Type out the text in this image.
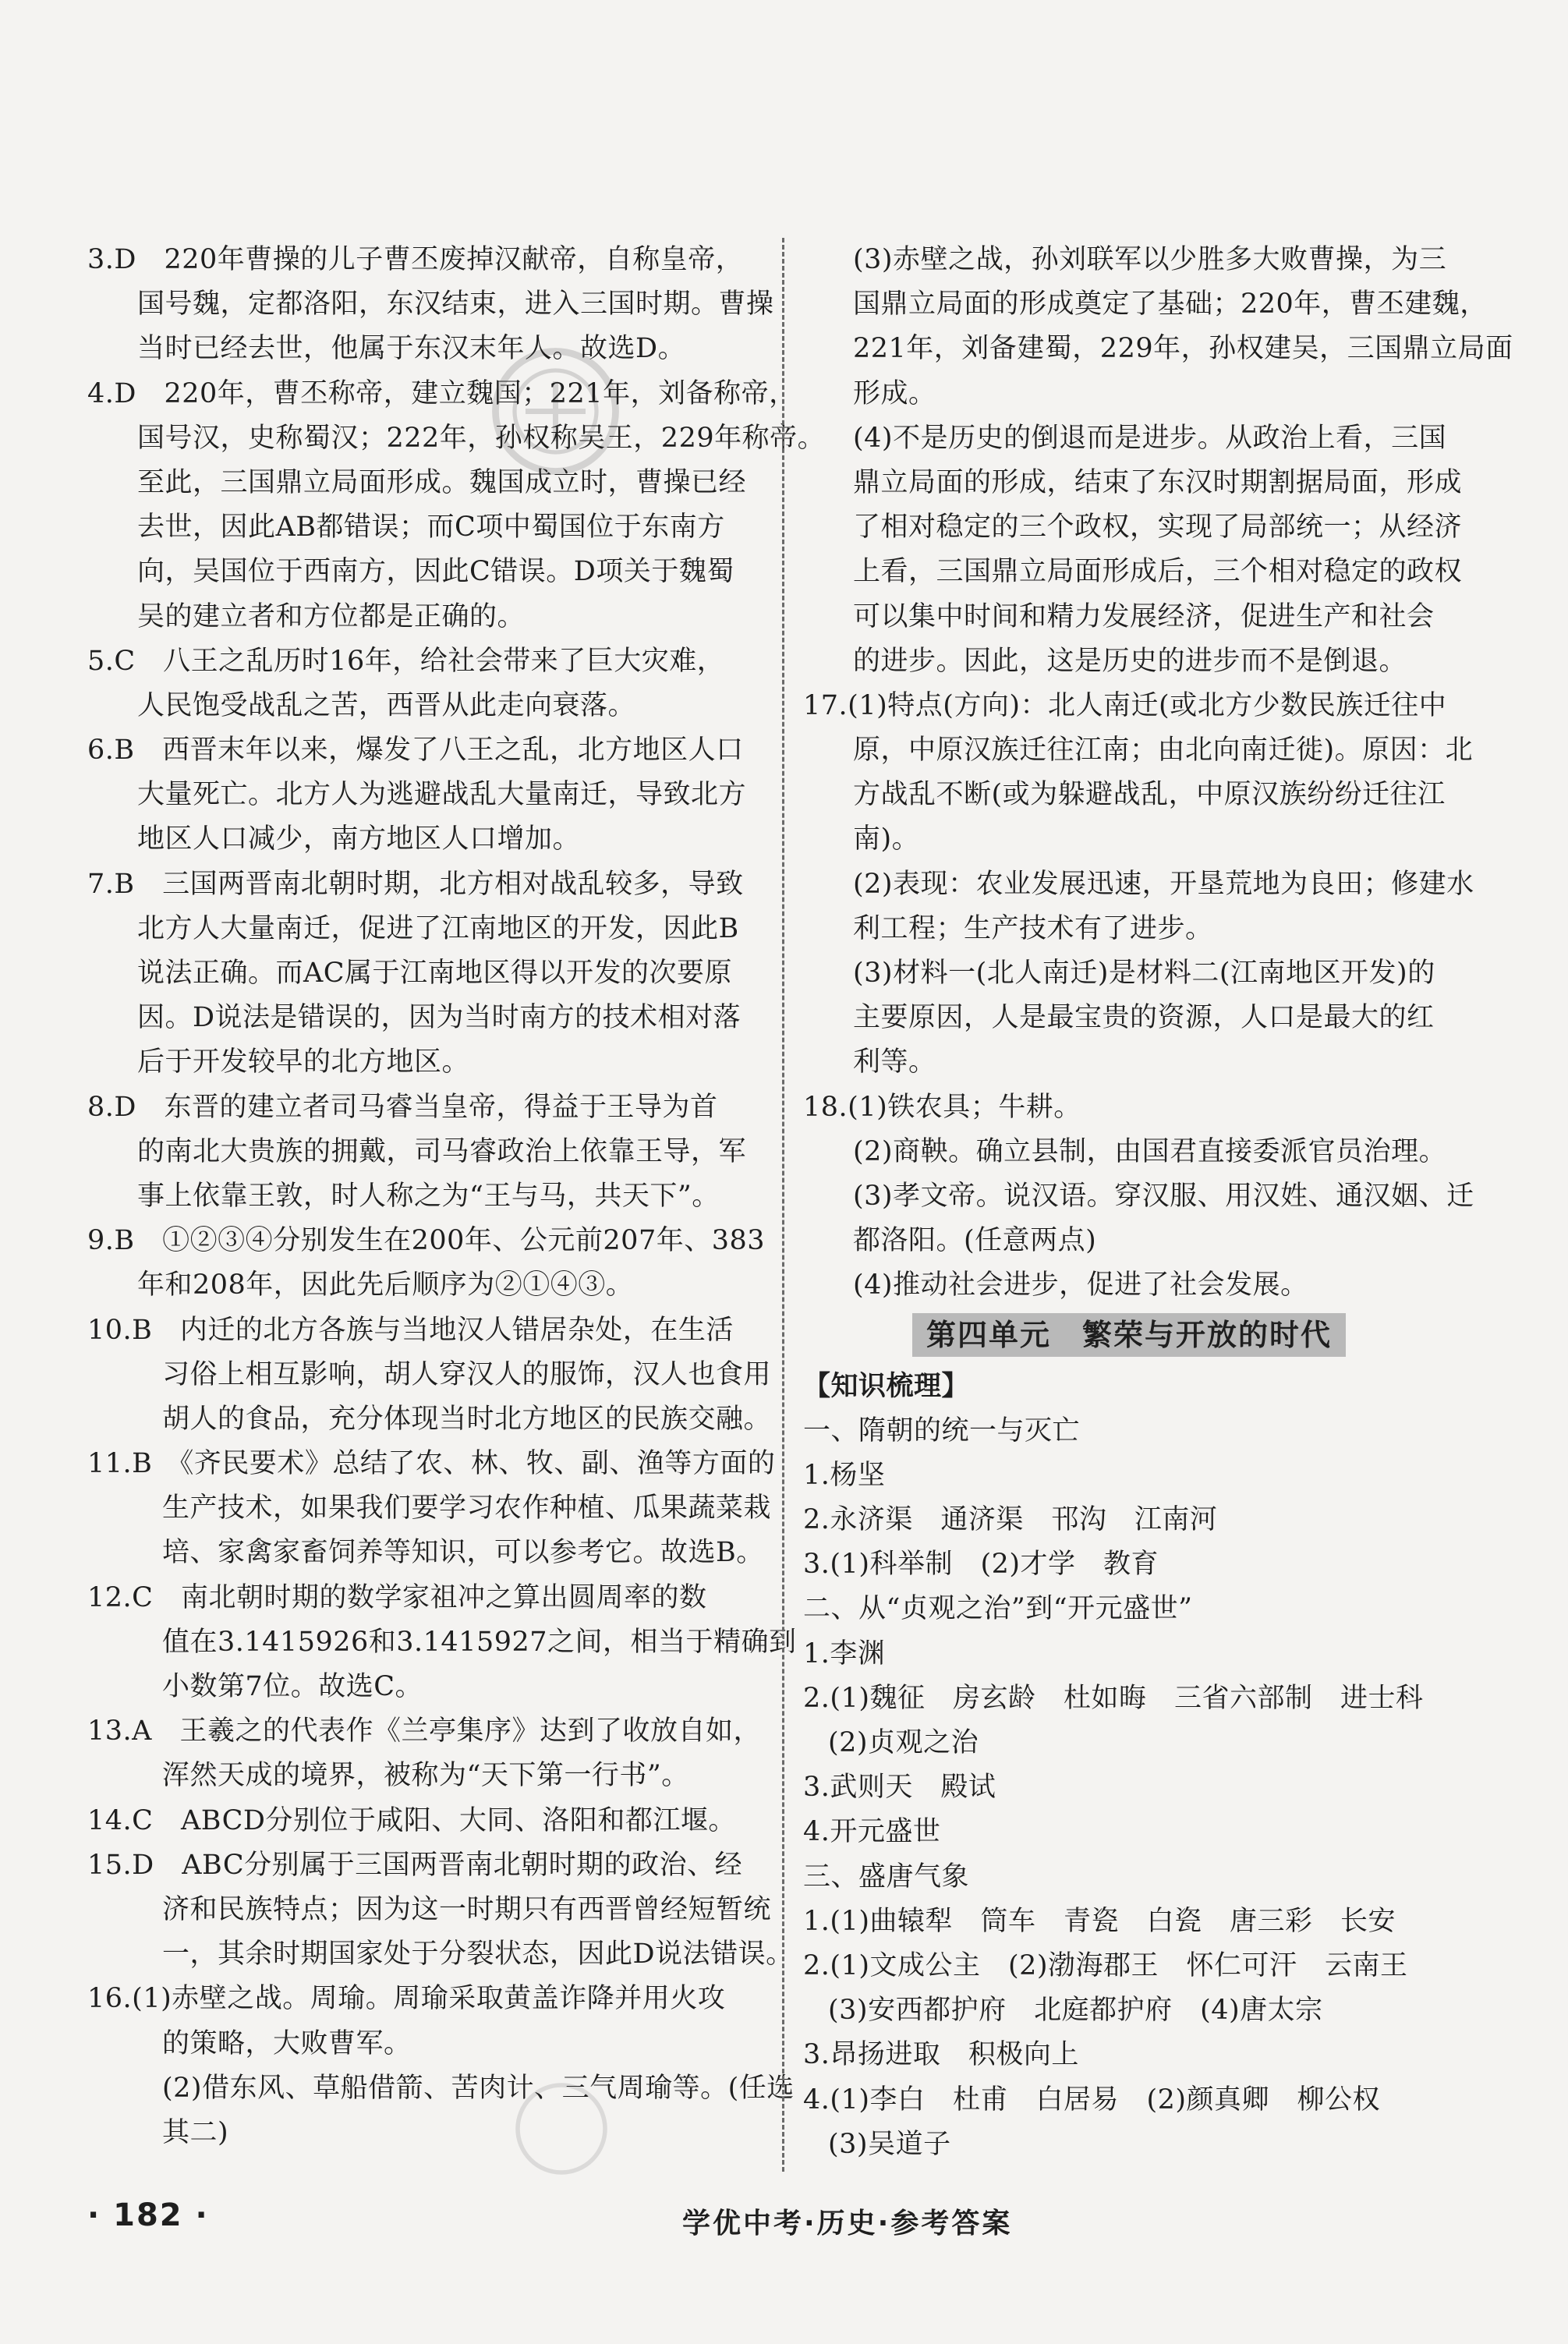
3.D　220年曹操的儿子曹丕废掉汉献帝，自称皇帝，
国号魏，定都洛阳，东汉结束，进入三国时期。曹操
当时已经去世，他属于东汉末年人。故选D。
4.D　220年，曹丕称帝，建立魏国；221年，刘备称帝，
国号汉，史称蜀汉；222年，孙权称吴王，229年称帝。
至此，三国鼎立局面形成。魏国成立时，曹操已经
去世，因此AB都错误；而C项中蜀国位于东南方
向，吴国位于西南方，因此C错误。D项关于魏蜀
吴的建立者和方位都是正确的。
5.C　八王之乱历时16年，给社会带来了巨大灾难，
人民饱受战乱之苦，西晋从此走向衰落。
6.B　西晋末年以来，爆发了八王之乱，北方地区人口
大量死亡。北方人为逃避战乱大量南迁，导致北方
地区人口减少，南方地区人口增加。
7.B　三国两晋南北朝时期，北方相对战乱较多，导致
北方人大量南迁，促进了江南地区的开发，因此B
说法正确。而AC属于江南地区得以开发的次要原
因。D说法是错误的，因为当时南方的技术相对落
后于开发较早的北方地区。
8.D　东晋的建立者司马睿当皇帝，得益于王导为首
的南北大贵族的拥戴，司马睿政治上依靠王导，军
事上依靠王敦，时人称之为“王与马，共天下”。
9.B　①②③④分别发生在200年、公元前207年、383
年和208年，因此先后顺序为②①④③。
10.B　内迁的北方各族与当地汉人错居杂处，在生活
习俗上相互影响，胡人穿汉人的服饰，汉人也食用
胡人的食品，充分体现当时北方地区的民族交融。
11.B　《齐民要术》总结了农、林、牧、副、渔等方面的
生产技术，如果我们要学习农作种植、瓜果蔬菜栽
培、家禽家畜饲养等知识，可以参考它。故选B。
12.C　南北朝时期的数学家祖冲之算出圆周率的数
值在3.1415926和3.1415927之间，相当于精确到
小数第7位。故选C。
13.A　王羲之的代表作《兰亭集序》达到了收放自如，
浑然天成的境界，被称为“天下第一行书”。
14.C　ABCD分别位于咸阳、大同、洛阳和都江堰。
15.D　ABC分别属于三国两晋南北朝时期的政治、经
济和民族特点；因为这一时期只有西晋曾经短暂统
一，其余时期国家处于分裂状态，因此D说法错误。
16.(1)赤壁之战。周瑜。周瑜采取黄盖诈降并用火攻
的策略，大败曹军。
(2)借东风、草船借箭、苦肉计、三气周瑜等。(任选
其二)
(3)赤壁之战，孙刘联军以少胜多大败曹操，为三
国鼎立局面的形成奠定了基础；220年，曹丕建魏，
221年，刘备建蜀，229年，孙权建吴，三国鼎立局面
形成。
(4)不是历史的倒退而是进步。从政治上看，三国
鼎立局面的形成，结束了东汉时期割据局面，形成
了相对稳定的三个政权，实现了局部统一；从经济
上看，三国鼎立局面形成后，三个相对稳定的政权
可以集中时间和精力发展经济，促进生产和社会
的进步。因此，这是历史的进步而不是倒退。
17.(1)特点(方向)：北人南迁(或北方少数民族迁往中
原，中原汉族迁往江南；由北向南迁徙)。原因：北
方战乱不断(或为躲避战乱，中原汉族纷纷迁往江
南)。
(2)表现：农业发展迅速，开垦荒地为良田；修建水
利工程；生产技术有了进步。
(3)材料一(北人南迁)是材料二(江南地区开发)的
主要原因，人是最宝贵的资源，人口是最大的红
利等。
18.(1)铁农具；牛耕。
(2)商鞅。确立县制，由国君直接委派官员治理。
(3)孝文帝。说汉语。穿汉服、用汉姓、通汉姻、迁
都洛阳。(任意两点)
(4)推动社会进步，促进了社会发展。
第四单元　繁荣与开放的时代
【知识梳理】
一、隋朝的统一与灭亡
1.杨坚
2.永济渠　通济渠　邗沟　江南河
3.(1)科举制　(2)才学　教育
二、从“贞观之治”到“开元盛世”
1.李渊
2.(1)魏征　房玄龄　杜如晦　三省六部制　进士科
(2)贞观之治
3.武则天　殿试
4.开元盛世
三、盛唐气象
1.(1)曲辕犁　筒车　青瓷　白瓷　唐三彩　长安
2.(1)文成公主　(2)渤海郡王　怀仁可汗　云南王
(3)安西都护府　北庭都护府　(4)唐太宗
3.昂扬进取　积极向上
4.(1)李白　杜甫　白居易　(2)颜真卿　柳公权
(3)吴道子
· 182 ·	学优中考·历史·参考答案
